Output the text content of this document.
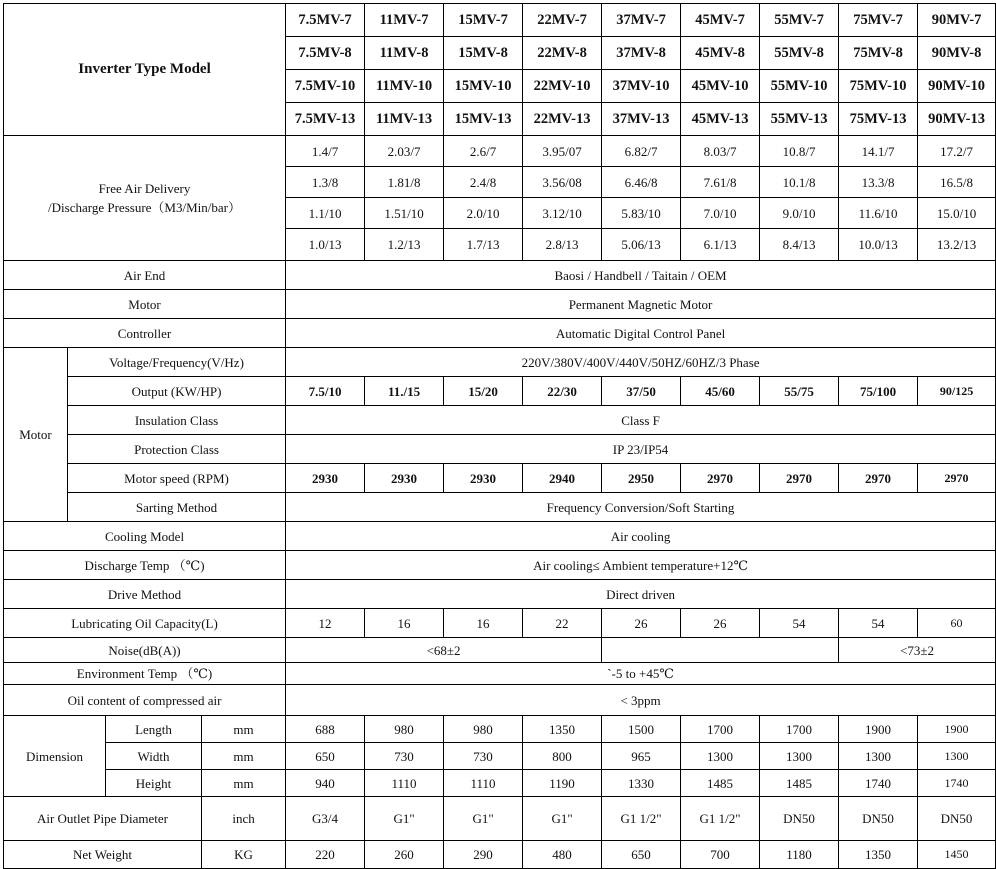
Inverter Type Model				7.5MV-7	11MV-7	15MV-7	22MV-7	37MV-7	45MV-7	55MV-7	75MV-7	90MV-7
				7.5MV-8	11MV-8	15MV-8	22MV-8	37MV-8	45MV-8	55MV-8	75MV-8	90MV-8
				7.5MV-10	11MV-10	15MV-10	22MV-10	37MV-10	45MV-10	55MV-10	75MV-10	90MV-10
				7.5MV-13	11MV-13	15MV-13	22MV-13	37MV-13	45MV-13	55MV-13	75MV-13	90MV-13

Free Air Delivery
/Discharge Pressure（M3/Min/bar）				1.4/7	2.03/7	2.6/7	3.95/07	6.82/7	8.03/7	10.8/7	14.1/7	17.2/7
				1.3/8	1.81/8	2.4/8	3.56/08	6.46/8	7.61/8	10.1/8	13.3/8	16.5/8
				1.1/10	1.51/10	2.0/10	3.12/10	5.83/10	7.0/10	9.0/10	11.6/10	15.0/10
				1.0/13	1.2/13	1.7/13	2.8/13	5.06/13	6.1/13	8.4/13	10.0/13	13.2/13
Air End				Baosi / Handbell / Taitain / OEM								
Motor				Permanent Magnetic Motor								
Controller				Automatic Digital Control Panel								
Motor	Voltage/Frequency(V/Hz)			220V/380V/400V/440V/50HZ/60HZ/3 Phase								
	Output (KW/HP)			7.5/10	11./15	15/20	22/30	37/50	45/60	55/75	75/100	90/125
	Insulation Class			Class F								
	Protection Class			IP 23/IP54								
	Motor speed (RPM)			2930	2930	2930	2940	2950	2970	2970	2970	2970
	Sarting Method			Frequency Conversion/Soft Starting								
Cooling Model				Air cooling								
Discharge Temp （℃)				Air cooling≤ Ambient temperature+12℃								
Drive Method				Direct driven								
Lubricating Oil Capacity(L)				12	16	16	22	26	26	54	54	60
Noise(dB(A))				<68±2							<73±2	
Environment Temp （℃)				`-5 to +45℃								
Oil content of compressed air				< 3ppm								
Dimension		Length	mm	688	980	980	1350	1500	1700	1700	1900	1900
		Width	mm	650	730	730	800	965	1300	1300	1300	1300
		Height	mm	940	1110	1110	1190	1330	1485	1485	1740	1740
Air Outlet Pipe Diameter			inch	G3/4	G1"	G1"	G1"	G1 1/2"	G1 1/2"	DN50	DN50	DN50
Net Weight			KG	220	260	290	480	650	700	1180	1350	1450
